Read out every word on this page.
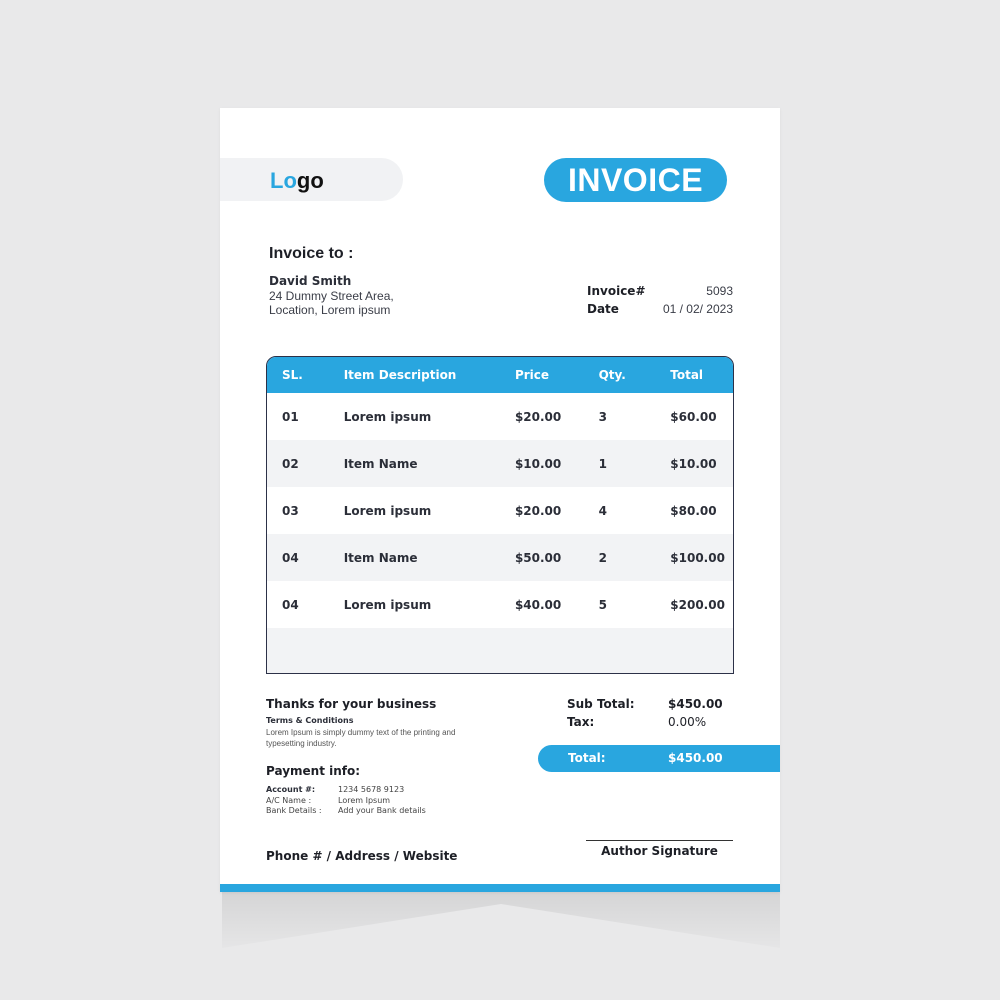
Logo	INVOICE
Invoice to :
David Smith
24 Dummy Street Area,
Location, Lorem ipsum
Invoice#	5093
Date	01 / 02/ 2023
SL.	Item Description	Price	Qty.	Total
01	Lorem ipsum	$20.00	3	$60.00
02	Item Name	$10.00	1	$10.00
03	Lorem ipsum	$20.00	4	$80.00
04	Item Name	$50.00	2	$100.00
04	Lorem ipsum	$40.00	5	$200.00
Thanks for your business
Terms & Conditions
Lorem Ipsum is simply dummy text of the printing and typesetting industry.
Payment info:
Account #:	1234 5678 9123
A/C Name :	Lorem Ipsum
Bank Details :	Add your Bank details
Phone # / Address / Website
Sub Total:	$450.00
Tax:	0.00%
Total:	$450.00
Author Signature
